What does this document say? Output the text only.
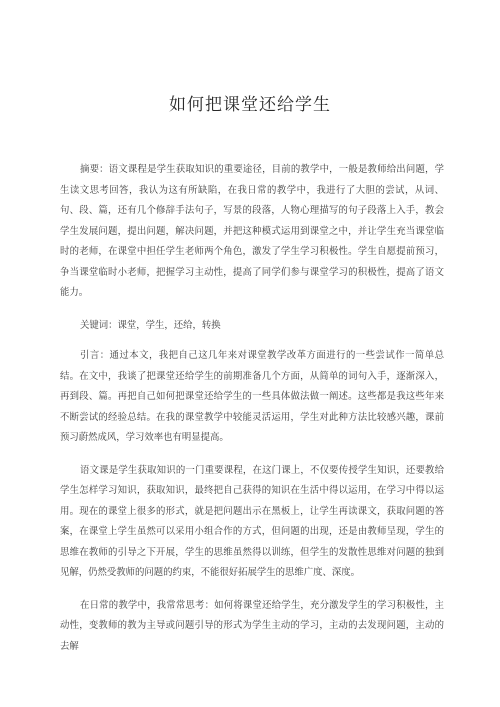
如何把课堂还给学生

摘要：语文课程是学生获取知识的重要途径，目前的教学中，一般是教师给出问题，学生读文思考回答，我认为这有所缺陷，在我日常的教学中，我进行了大胆的尝试，从词、句、段、篇，还有几个修辞手法句子，写景的段落，人物心理描写的句子段落上入手，教会学生发展问题，提出问题，解决问题，并把这种模式运用到课堂之中，并让学生充当课堂临时的老师，在课堂中担任学生老师两个角色，激发了学生学习积极性。学生自愿提前预习，争当课堂临时小老师，把握学习主动性，提高了同学们参与课堂学习的积极性，提高了语文能力。

关键词：课堂，学生，还给，转换

引言：通过本文，我把自己这几年来对课堂教学改革方面进行的一些尝试作一简单总结。在文中，我谈了把课堂还给学生的前期准备几个方面，从简单的词句入手，逐渐深入，再到段、篇。再把自己如何把课堂还给学生的一些具体做法做一阐述。这些都是我这些年来不断尝试的经验总结。在我的课堂教学中较能灵活运用，学生对此种方法比较感兴趣，课前预习蔚然成风，学习效率也有明显提高。

语文课是学生获取知识的一门重要课程，在这门课上，不仅要传授学生知识，还要教给学生怎样学习知识，获取知识，最终把自己获得的知识在生活中得以运用，在学习中得以运用。现在的课堂上很多的形式，就是把问题出示在黑板上，让学生再读课文，获取问题的答案，在课堂上学生虽然可以采用小组合作的方式，但问题的出现，还是由教师呈现，学生的思维在教师的引导之下开展，学生的思维虽然得以训练，但学生的发散性思维对问题的独到见解，仍然受教师的问题的约束，不能很好拓展学生的思维广度、深度。

在日常的教学中，我常常思考：如何将课堂还给学生，充分激发学生的学习积极性，主动性，变教师的教为主导或问题引导的形式为学生主动的学习，主动的去发现问题，主动的去解
